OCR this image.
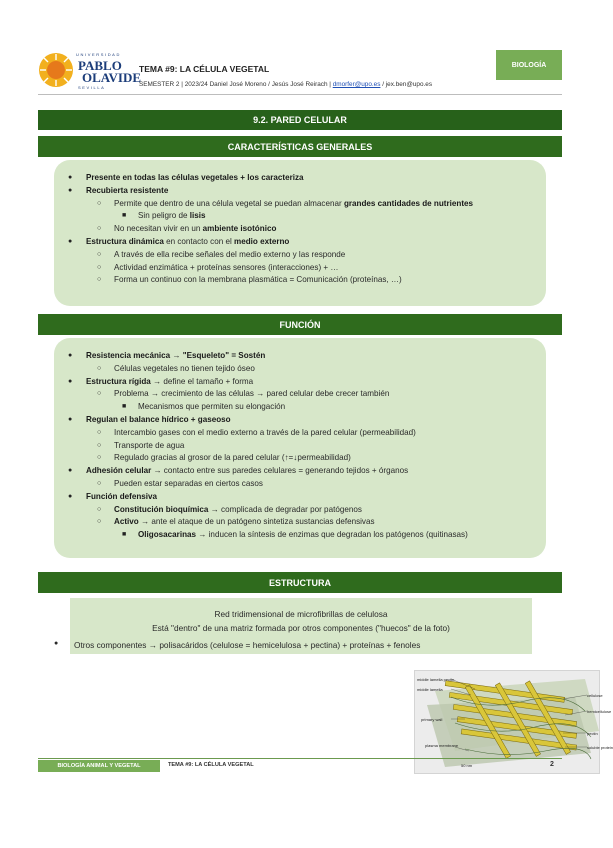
UNIVERSIDAD
PABLO
OLAVIDE
SEVILLA
TEMA #9: LA CÉLULA VEGETAL
SEMESTER 2 | 2023/24 Daniel José Moreno / Jesús José Reirach | dmorfer@upo.es / jex.ben@upo.es
BIOLOGÍA
9.2. PARED CELULAR
CARACTERÍSTICAS GENERALES
● Presente en todas las células vegetales + los caracteriza
● Recubierta resistente
○ Permite que dentro de una célula vegetal se puedan almacenar grandes cantidades de nutrientes
■ Sin peligro de lisis
○ No necesitan vivir en un ambiente isotónico
● Estructura dinámica en contacto con el medio externo
○ A través de ella recibe señales del medio externo y las responde
○ Actividad enzimática + proteínas sensores (interacciones) + …
○ Forma un continuo con la membrana plasmática = Comunicación (proteínas, …)
FUNCIÓN
● Resistencia mecánica → "Esqueleto" = Sostén
○ Células vegetales no tienen tejido óseo
● Estructura rígida → define el tamaño + forma
○ Problema → crecimiento de las células → pared celular debe crecer también
■ Mecanismos que permiten su elongación
● Regulan el balance hídrico + gaseoso
○ Intercambio gases con el medio externo a través de la pared celular (permeabilidad)
○ Transporte de agua
○ Regulado gracias al grosor de la pared celular (↑=↓permeabilidad)
● Adhesión celular → contacto entre sus paredes celulares = generando tejidos + órganos
○ Pueden estar separadas en ciertos casos
● Función defensiva
○ Constitución bioquímica → complicada de degradar por patógenos
○ Activo → ante el ataque de un patógeno sintetiza sustancias defensivas
■ Oligosacarinas → inducen la síntesis de enzimas que degradan los patógenos (quitinasas)
ESTRUCTURA
Red tridimensional de microfibrillas de celulosa
Está "dentro" de una matriz formada por otros componentes ("huecos" de la foto)
● Otros componentes → polisacáridos (celulose = hemicelulosa + pectina) + proteínas + fenoles
middle lamella pectin
middle lamella
primary wall
plasma membrane
50 nm
cellulose
hemicellulose
pectin
soluble protein
BIOLOGÍA ANIMAL Y VEGETAL	TEMA #9: LA CÉLULA VEGETAL	2
